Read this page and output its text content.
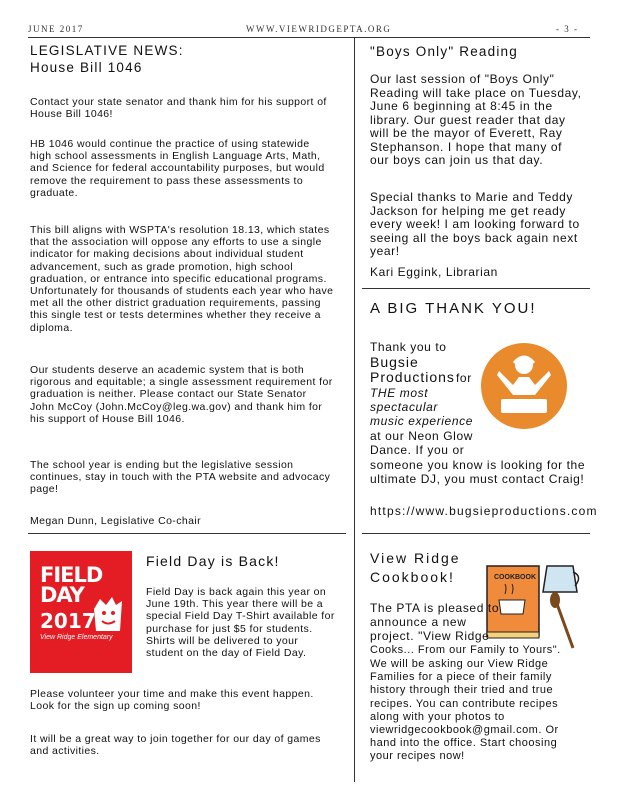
JUNE 2017	WWW.VIEWRIDGEPTA.ORG	- 3 -
LEGISLATIVE NEWS:
House Bill 1046

Contact your state senator and thank him for his support of House Bill 1046!

HB 1046 would continue the practice of using statewide high school assessments in English Language Arts, Math, and Science for federal accountability purposes, but would remove the requirement to pass these assessments to graduate.

This bill aligns with WSPTA's resolution 18.13, which states that the association will oppose any efforts to use a single indicator for making decisions about individual student advancement, such as grade promotion, high school graduation, or entrance into specific educational programs. Unfortunately for thousands of students each year who have met all the other district graduation requirements, passing this single test or tests determines whether they receive a diploma.

Our students deserve an academic system that is both rigorous and equitable; a single assessment requirement for graduation is neither. Please contact our State Senator John McCoy (John.McCoy@leg.wa.gov) and thank him for his support of House Bill 1046.

The school year is ending but the legislative session continues, stay in touch with the PTA website and advocacy page!

Megan Dunn, Legislative Co-chair

FIELD
DAY
2017
View Ridge Elementary
Field Day is Back!

Field Day is back again this year on June 19th. This year there will be a special Field Day T-Shirt available for purchase for just $5 for students. Shirts will be delivered to your student on the day of Field Day.

Please volunteer your time and make this event happen. Look for the sign up coming soon!

It will be a great way to join together for our day of games and activities.

"Boys Only" Reading

Our last session of "Boys Only" Reading will take place on Tuesday, June 6 beginning at 8:45 in the library. Our guest reader that day will be the mayor of Everett, Ray Stephanson. I hope that many of our boys can join us that day.

Special thanks to Marie and Teddy Jackson for helping me get ready every week! I am looking forward to seeing all the boys back again next year!

Kari Eggink, Librarian

A BIG THANK YOU!
Thank you to
Bugsie
Productions for
THE most
spectacular
music experience
at our Neon Glow
Dance. If you or
someone you know is looking for the
ultimate DJ, you must contact Craig!
https://www.bugsieproductions.com
View Ridge
Cookbook!	COOKBOOK
The PTA is pleased to
announce a new
project. "View Ridge
Cooks... From our Family to Yours".

We will be asking our View Ridge Families for a piece of their family history through their tried and true recipes. You can contribute recipes along with your photos to viewridgecookbook@gmail.com. Or hand into the office. Start choosing your recipes now!
